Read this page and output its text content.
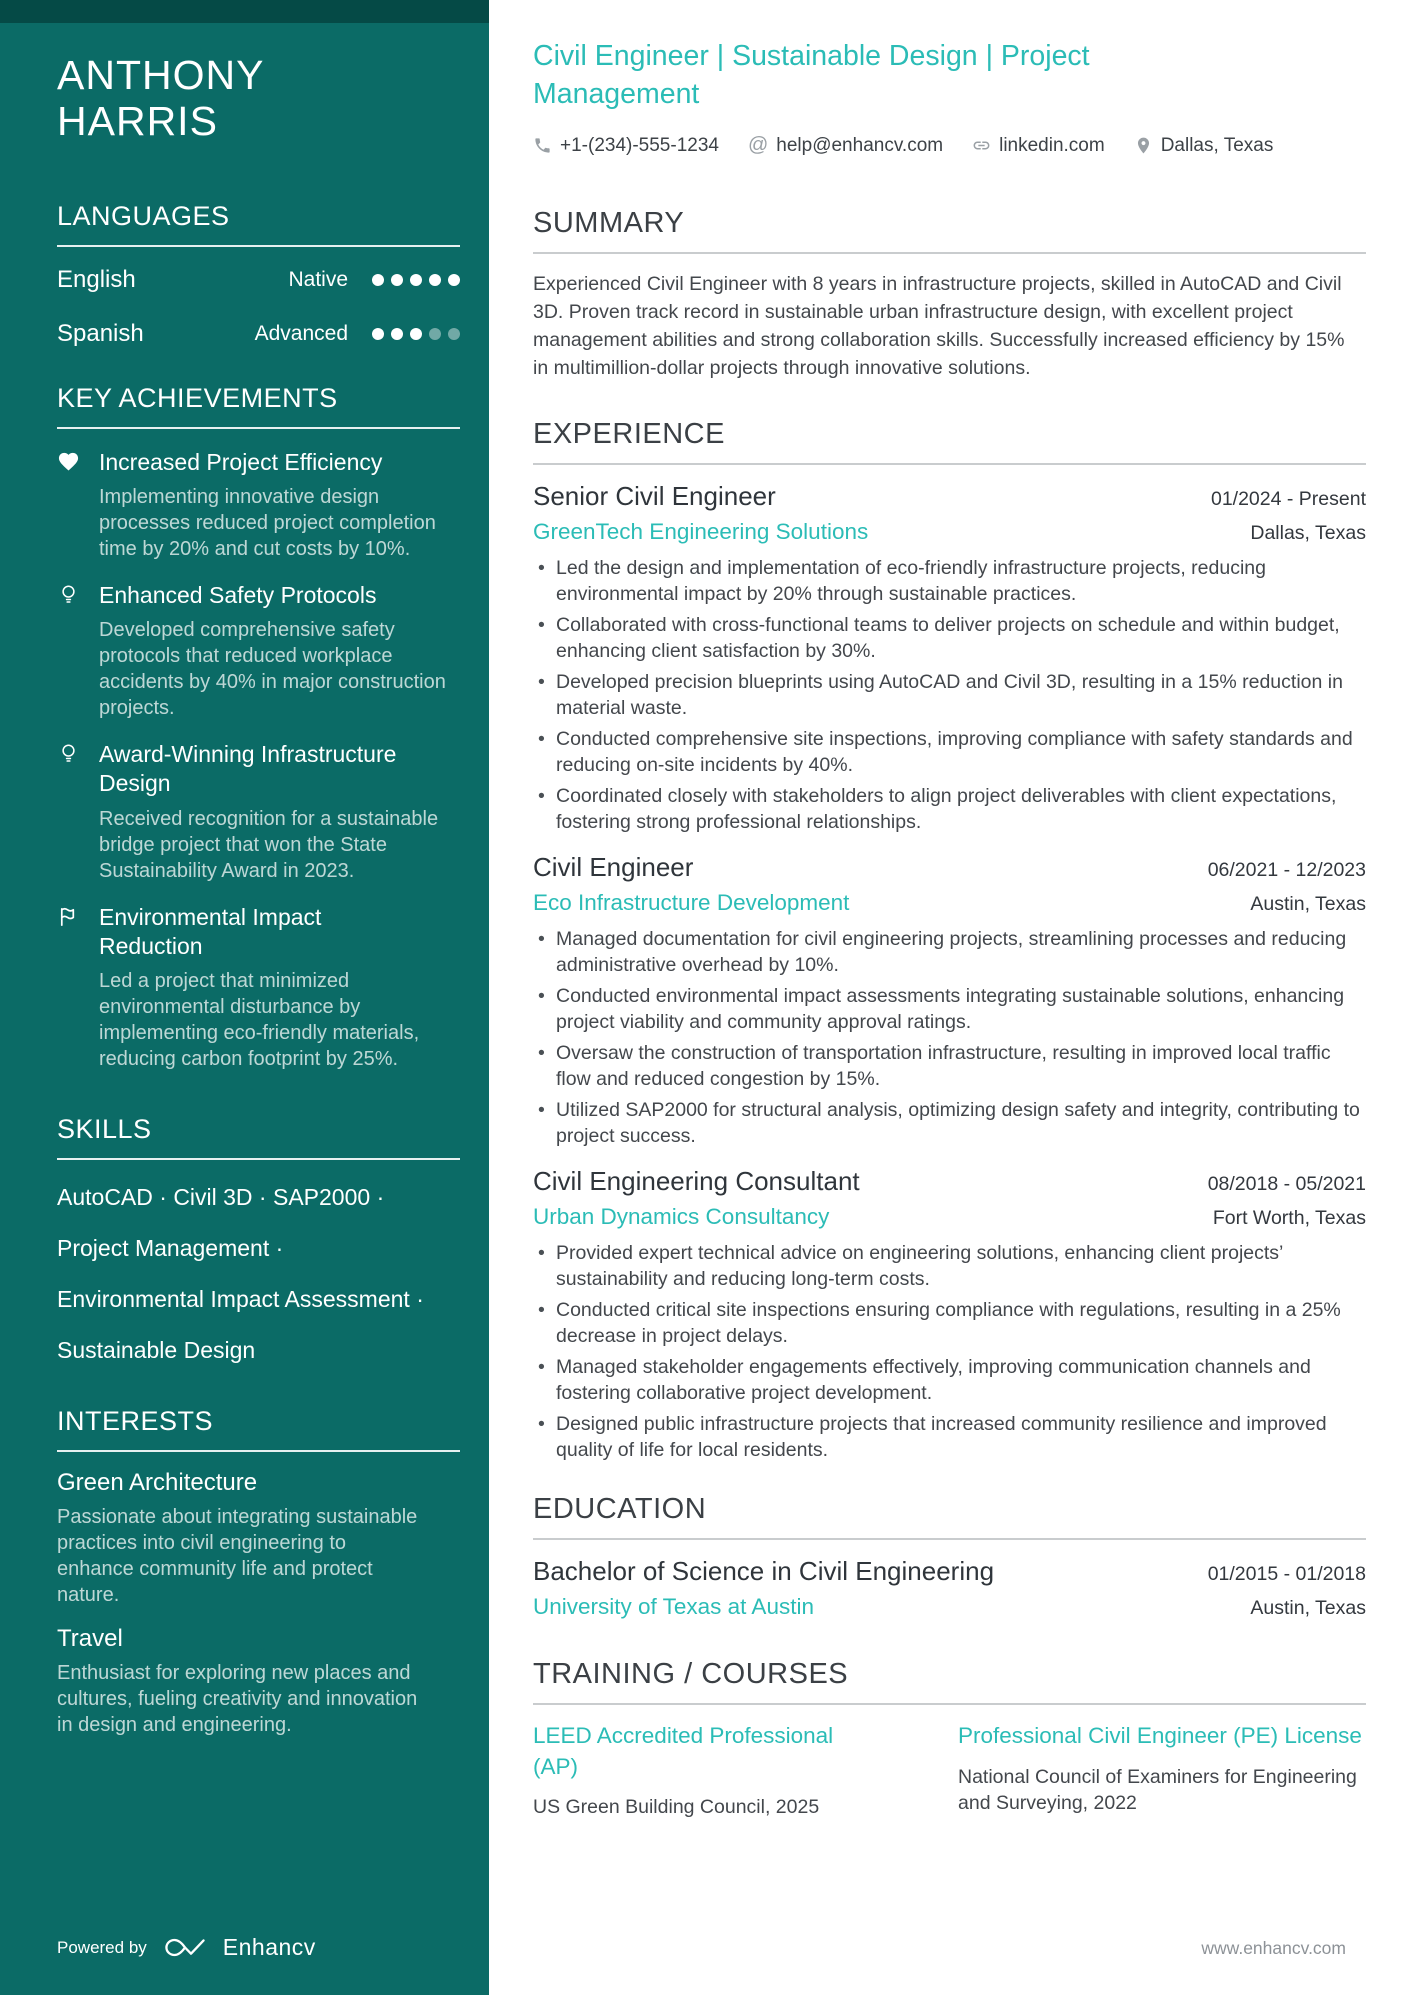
ANTHONY HARRIS
LANGUAGES
English	Native
Spanish	Advanced
KEY ACHIEVEMENTS
Increased Project Efficiency
Implementing innovative design processes reduced project completion time by 20% and cut costs by 10%.
Enhanced Safety Protocols
Developed comprehensive safety protocols that reduced workplace accidents by 40% in major construction projects.
Award-Winning Infrastructure Design
Received recognition for a sustainable bridge project that won the State Sustainability Award in 2023.
Environmental Impact Reduction
Led a project that minimized environmental disturbance by implementing eco-friendly materials, reducing carbon footprint by 25%.
SKILLS
AutoCAD · Civil 3D · SAP2000 ·
Project Management ·
Environmental Impact Assessment ·
Sustainable Design
INTERESTS
Green Architecture
Passionate about integrating sustainable practices into civil engineering to enhance community life and protect nature.
Travel
Enthusiast for exploring new places and cultures, fueling creativity and innovation in design and engineering.
Powered by	Enhancv
Civil Engineer | Sustainable Design | Project Management
+1-(234)-555-1234 @ help@enhancv.com	linkedin.com	Dallas, Texas
SUMMARY

Experienced Civil Engineer with 8 years in infrastructure projects, skilled in AutoCAD and Civil 3D. Proven track record in sustainable urban infrastructure design, with excellent project management abilities and strong collaboration skills. Successfully increased efficiency by 15% in multimillion-dollar projects through innovative solutions.

EXPERIENCE
Senior Civil Engineer	01/2024 - Present
GreenTech Engineering Solutions	Dallas, Texas
• Led the design and implementation of eco-friendly infrastructure projects, reducing environmental impact by 20% through sustainable practices.
• Collaborated with cross-functional teams to deliver projects on schedule and within budget, enhancing client satisfaction by 30%.
• Developed precision blueprints using AutoCAD and Civil 3D, resulting in a 15% reduction in material waste.
• Conducted comprehensive site inspections, improving compliance with safety standards and reducing on-site incidents by 40%.
• Coordinated closely with stakeholders to align project deliverables with client expectations, fostering strong professional relationships.
Civil Engineer	06/2021 - 12/2023
Eco Infrastructure Development	Austin, Texas
• Managed documentation for civil engineering projects, streamlining processes and reducing administrative overhead by 10%.
• Conducted environmental impact assessments integrating sustainable solutions, enhancing project viability and community approval ratings.
• Oversaw the construction of transportation infrastructure, resulting in improved local traffic flow and reduced congestion by 15%.
• Utilized SAP2000 for structural analysis, optimizing design safety and integrity, contributing to project success.
Civil Engineering Consultant	08/2018 - 05/2021
Urban Dynamics Consultancy	Fort Worth, Texas
• Provided expert technical advice on engineering solutions, enhancing client projects’ sustainability and reducing long-term costs.
• Conducted critical site inspections ensuring compliance with regulations, resulting in a 25% decrease in project delays.
• Managed stakeholder engagements effectively, improving communication channels and fostering collaborative project development.
• Designed public infrastructure projects that increased community resilience and improved quality of life for local residents.
EDUCATION
Bachelor of Science in Civil Engineering	01/2015 - 01/2018
University of Texas at Austin	Austin, Texas
TRAINING / COURSES
LEED Accredited Professional (AP)
US Green Building Council, 2025
Professional Civil Engineer (PE) License
National Council of Examiners for Engineering and Surveying, 2022
www.enhancv.com
